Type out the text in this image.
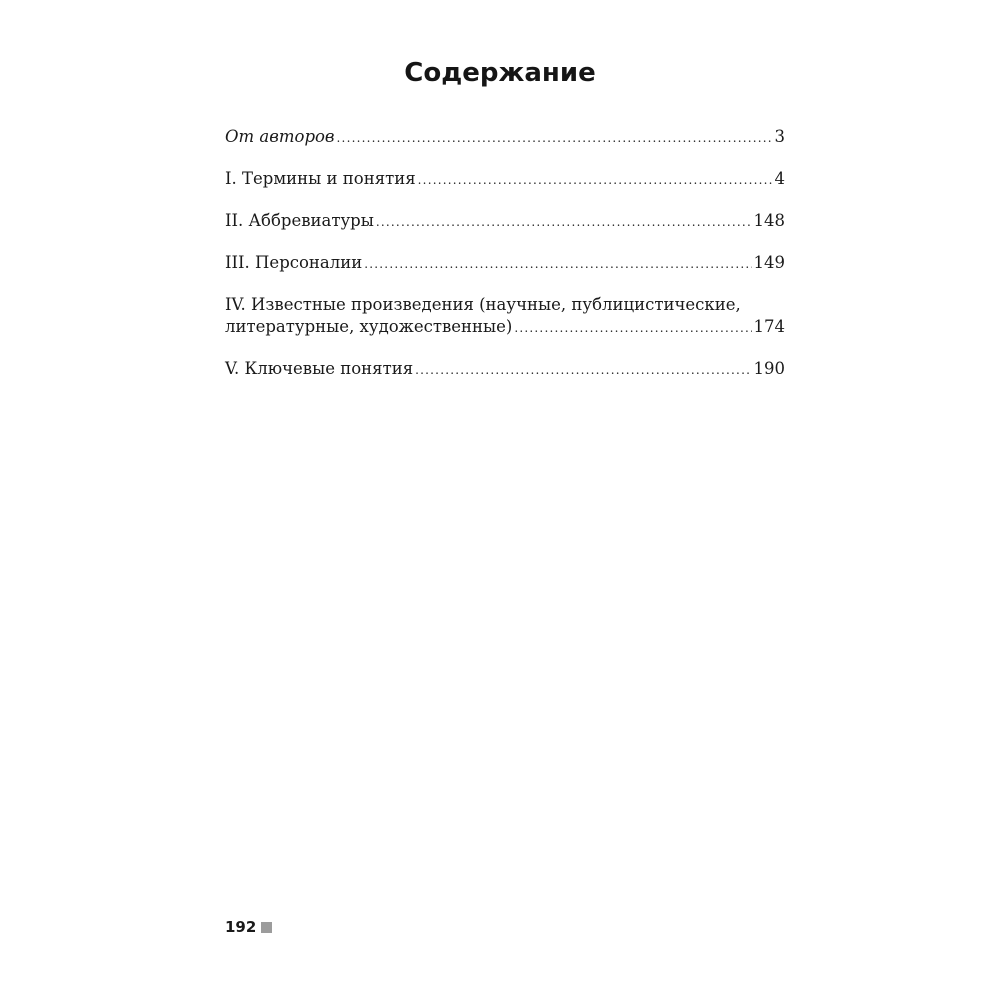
Содержание
От авторов .....	3
I. Термины и понятия .....	4
II. Аббревиатуры .....	148
III. Персоналии .....	149
IV. Известные произведения (научные, публицистические,
литературные, художественные) .....	174
V. Ключевые понятия .....	190
192
